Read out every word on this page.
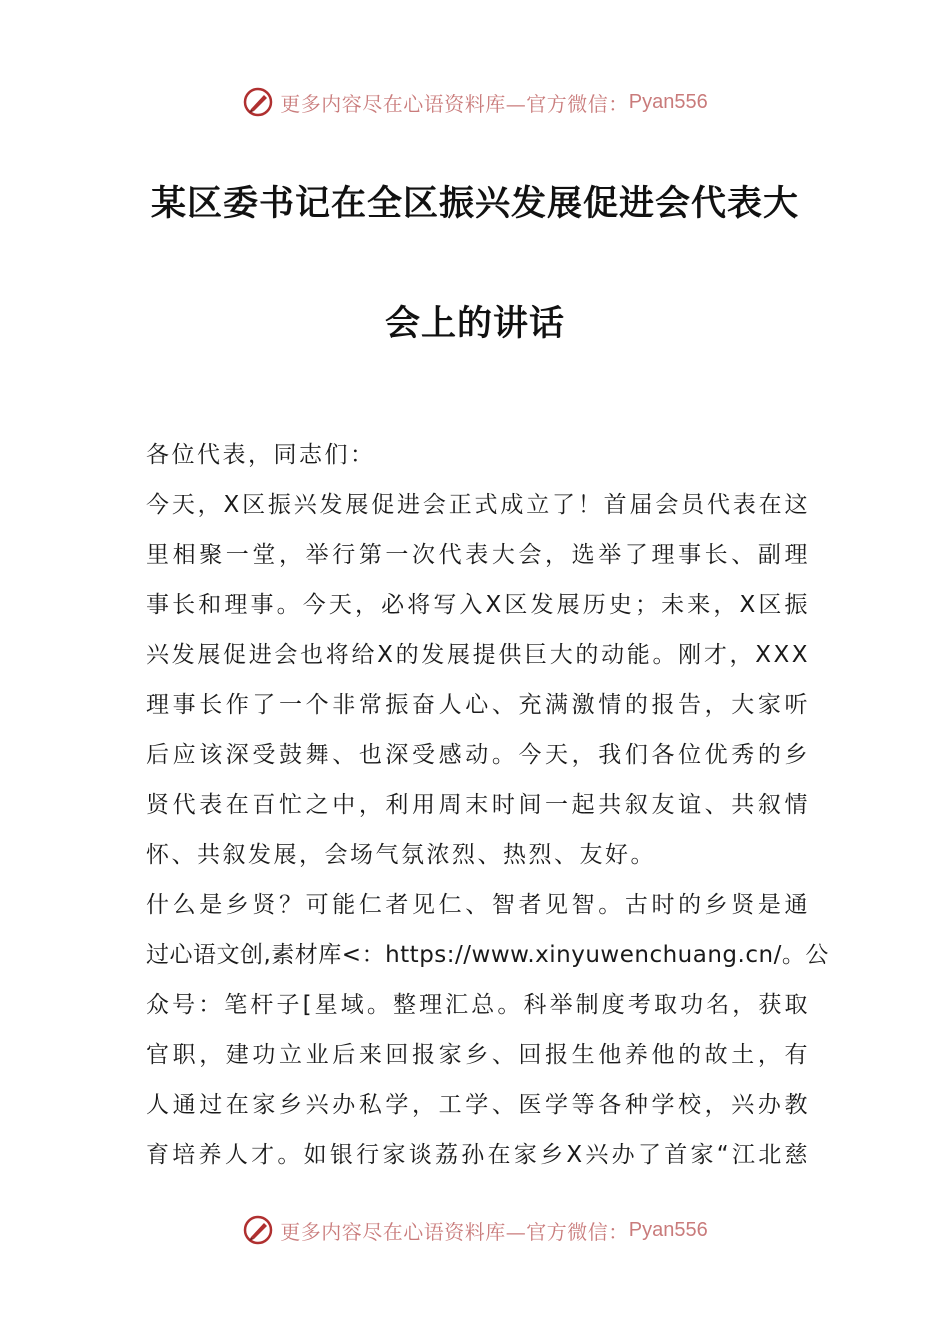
更多内容尽在心语资料库—官方微信： Pyan556
某区委书记在全区振兴发展促进会代表大
会上的讲话
各位代表，同志们：
今天，X区振兴发展促进会正式成立了！首届会员代表在这
里相聚一堂，举行第一次代表大会，选举了理事长、副理
事长和理事。今天，必将写入X区发展历史；未来，X区振
兴发展促进会也将给X的发展提供巨大的动能。刚才，XXX
理事长作了一个非常振奋人心、充满激情的报告，大家听
后应该深受鼓舞、也深受感动。今天，我们各位优秀的乡
贤代表在百忙之中，利用周末时间一起共叙友谊、共叙情
怀、共叙发展，会场气氛浓烈、热烈、友好。
什么是乡贤？可能仁者见仁、智者见智。古时的乡贤是通
过心语文创,素材库<：https://www.xinyuwenchuang.cn/。公
众号：笔杆子[星域。整理汇总。科举制度考取功名，获取
官职，建功立业后来回报家乡、回报生他养他的故土，有
人通过在家乡兴办私学，工学、医学等各种学校，兴办教
育培养人才。如银行家谈荔孙在家乡X兴办了首家“江北慈
更多内容尽在心语资料库—官方微信： Pyan556
